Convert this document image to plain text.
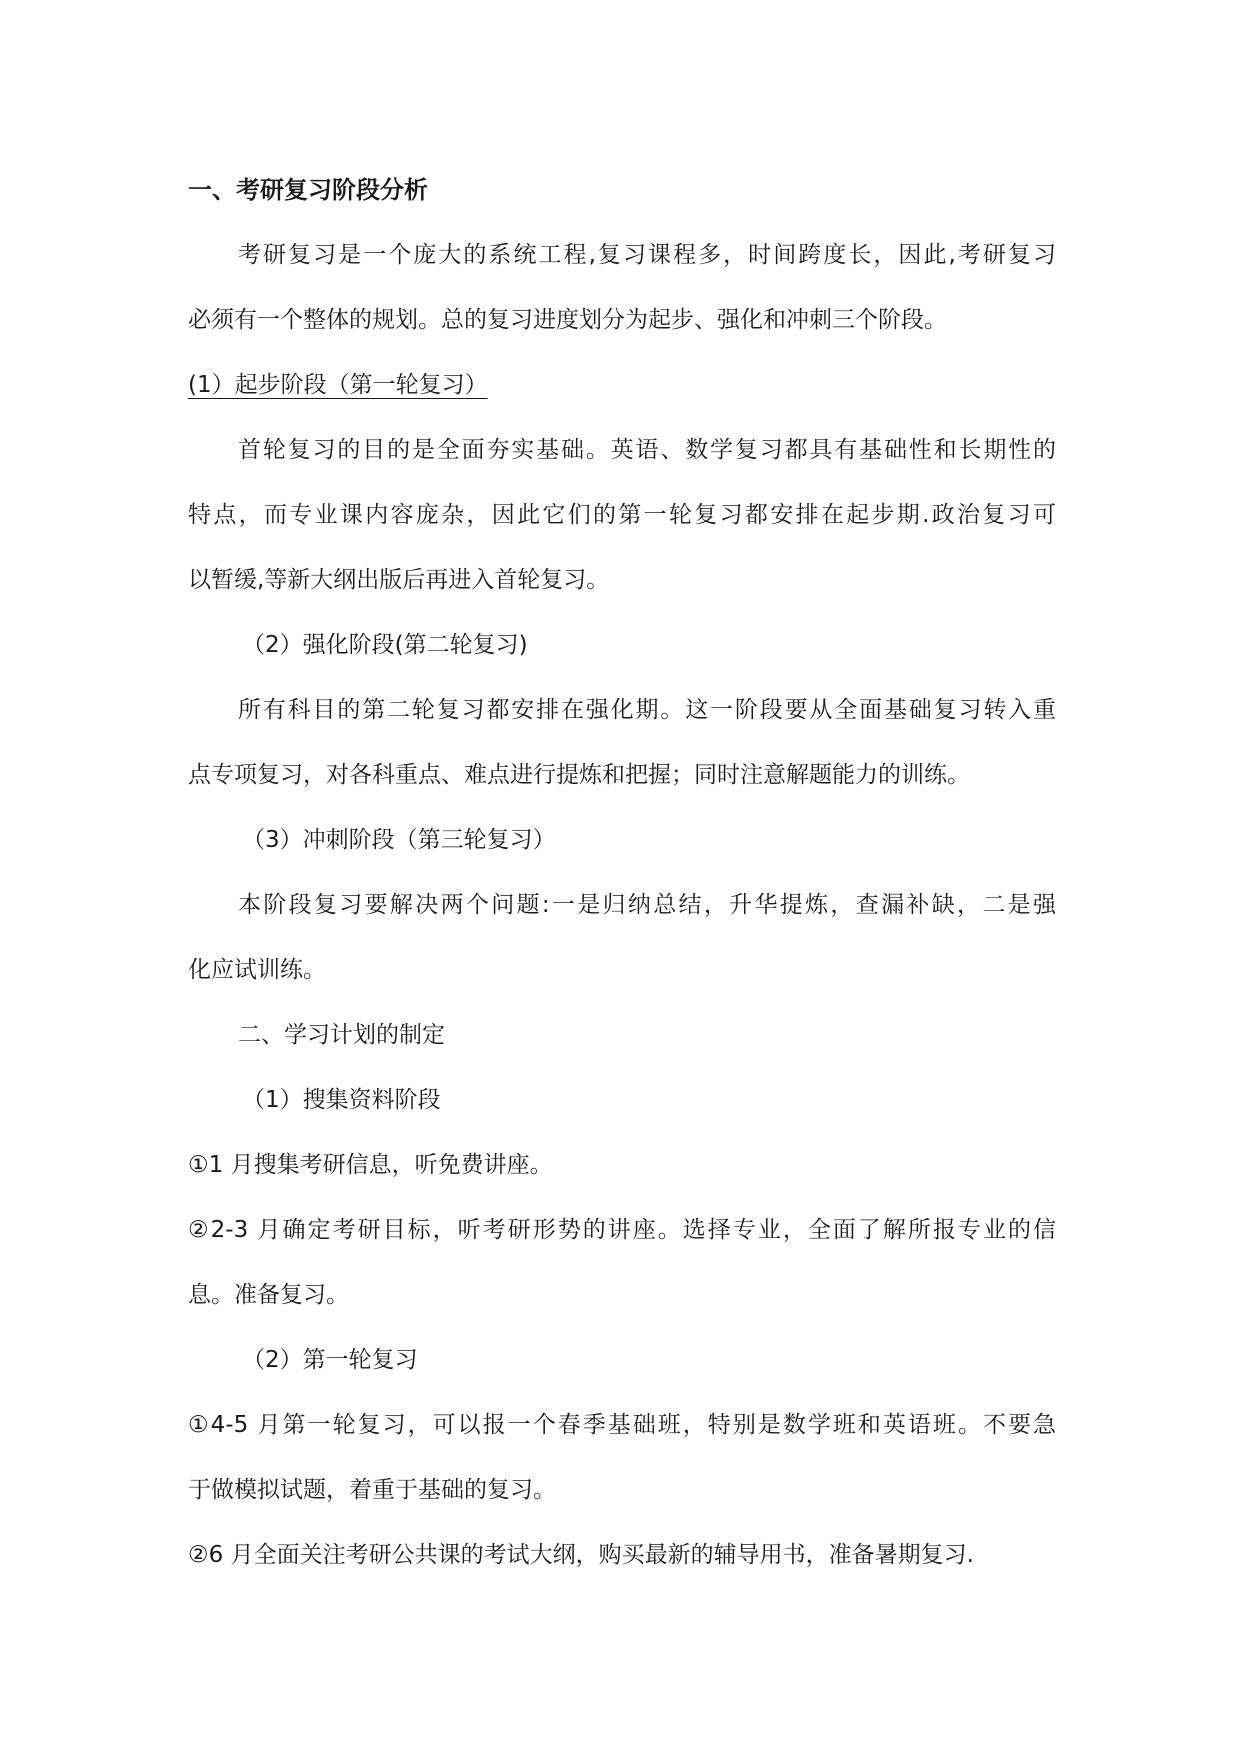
一、考研复习阶段分析
考研复习是一个庞大的系统工程,复习课程多，时间跨度长，因此,考研复习
必须有一个整体的规划。总的复习进度划分为起步、强化和冲刺三个阶段。
(1）起步阶段（第一轮复习）
首轮复习的目的是全面夯实基础。英语、数学复习都具有基础性和长期性的
特点，而专业课内容庞杂，因此它们的第一轮复习都安排在起步期.政治复习可
以暂缓,等新大纲出版后再进入首轮复习。
（2）强化阶段(第二轮复习)
所有科目的第二轮复习都安排在强化期。这一阶段要从全面基础复习转入重
点专项复习，对各科重点、难点进行提炼和把握；同时注意解题能力的训练。
（3）冲刺阶段（第三轮复习）
本阶段复习要解决两个问题:一是归纳总结，升华提炼，查漏补缺，二是强
化应试训练。
二、学习计划的制定
（1）搜集资料阶段
①1 月搜集考研信息，听免费讲座。
②2-3 月确定考研目标，听考研形势的讲座。选择专业，全面了解所报专业的信
息。准备复习。
（2）第一轮复习
①4-5 月第一轮复习，可以报一个春季基础班，特别是数学班和英语班。不要急
于做模拟试题，着重于基础的复习。
②6 月全面关注考研公共课的考试大纲，购买最新的辅导用书，准备暑期复习.
